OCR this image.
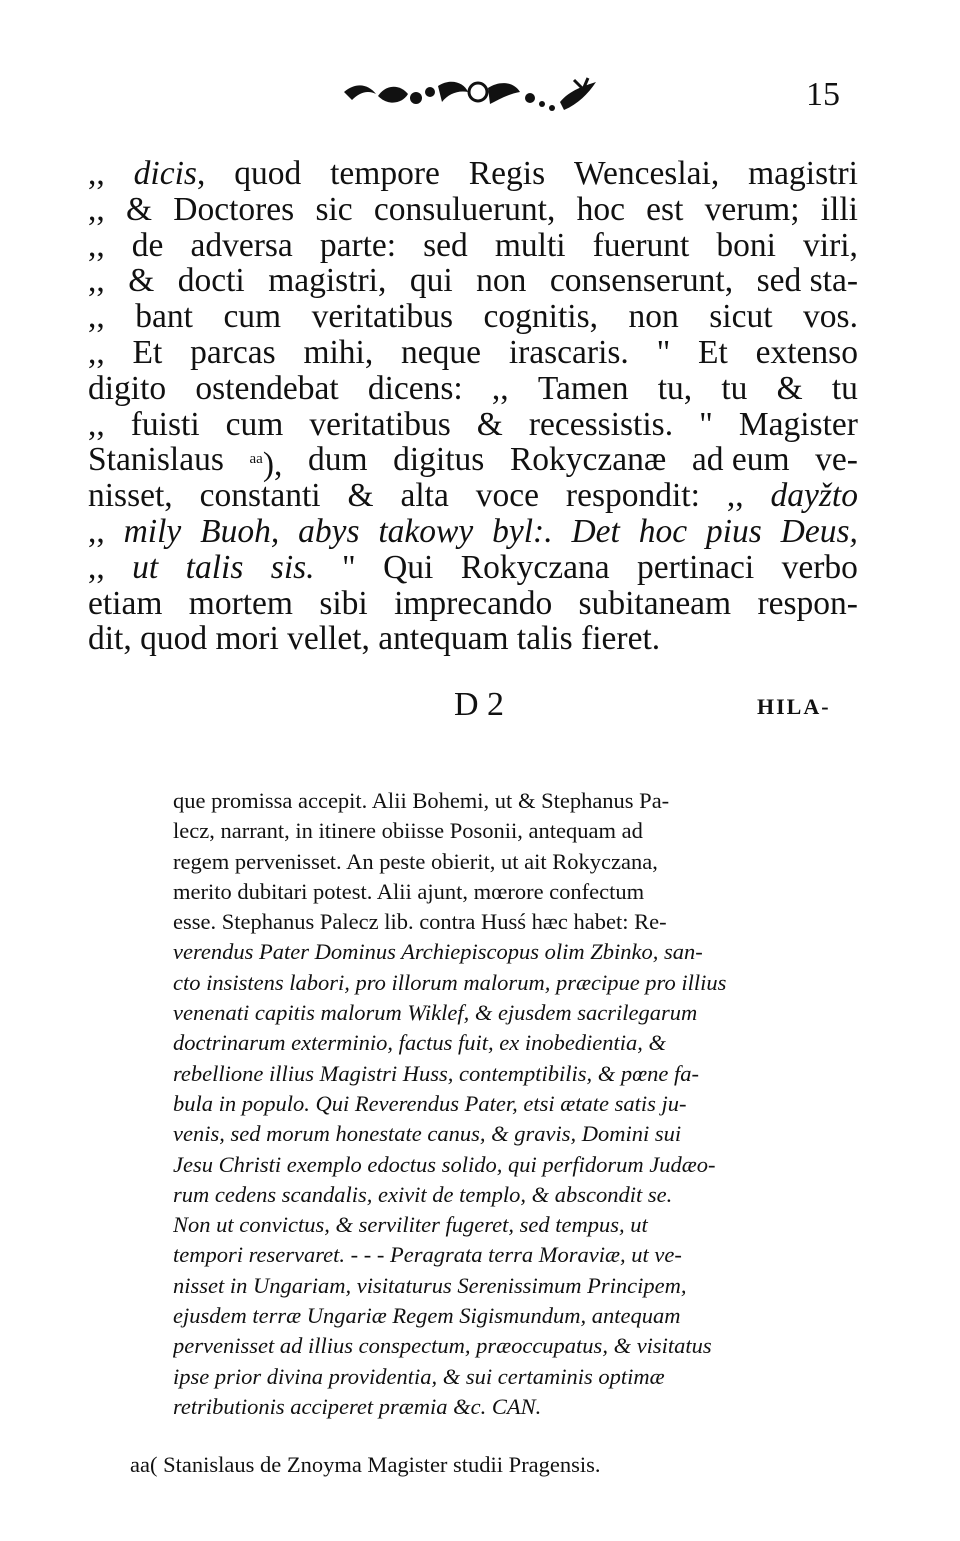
15
,, dicis, quod tempore Regis Wenceslai, magistri
,, & Doctores sic consuluerunt, hoc est verum; illi
,, de adversa parte: sed multi fuerunt boni viri,
,, & docti magistri, qui non consenserunt, sed sta-
,, bant cum veritatibus cognitis, non sicut vos.
,, Et parcas mihi, neque irascaris. " Et extenso
digito ostendebat dicens: ,, Tamen tu, tu & tu
,, fuisti cum veritatibus & recessistis. " Magister
Stanislaus $^{aa}$), dum digitus Rokyczanæ ad eum ve-
nisset, constanti & alta voce respondit: ,, dayžto
,, mily Buoh, abys takowy byl:. Det hoc pius Deus,
,, ut talis sis. " Qui Rokyczana pertinaci verbo
etiam mortem sibi imprecando subitaneam respon-
dit, quod mori vellet, antequam talis fieret.
D 2	HILA-
que promissa accepit. Alii Bohemi, ut & Stephanus Pa-
lecz, narrant, in itinere obiisse Posonii, antequam ad
regem pervenisset. An peste obierit, ut ait Rokyczana,
merito dubitari potest. Alii ajunt, mœrore confectum
esse. Stephanus Palecz lib. contra Husś hæc habet: Re-
verendus Pater Dominus Archiepiscopus olim Zbinko, san-
cto insistens labori, pro illorum malorum, præcipue pro illius
venenati capitis malorum Wiklef, & ejusdem sacrilegarum
doctrinarum exterminio, factus fuit, ex inobedientia, &
rebellione illius Magistri Huss, contemptibilis, & pœne fa-
bula in populo. Qui Reverendus Pater, etsi ætate satis ju-
venis, sed morum honestate canus, & gravis, Domini sui
Jesu Christi exemplo edoctus solido, qui perfidorum Judæo-
rum cedens scandalis, exivit de templo, & abscondit se.
Non ut convictus, & serviliter fugeret, sed tempus, ut
tempori reservaret. - - - Peragrata terra Moraviæ, ut ve-
nisset in Ungariam, visitaturus Serenissimum Principem,
ejusdem terræ Ungariæ Regem Sigismundum, antequam
pervenisset ad illius conspectum, præoccupatus, & visitatus
ipse prior divina providentia, & sui certaminis optimæ
retributionis acciperet præmia &c. CAN.
aa( Stanislaus de Znoyma Magister studii Pragensis.
